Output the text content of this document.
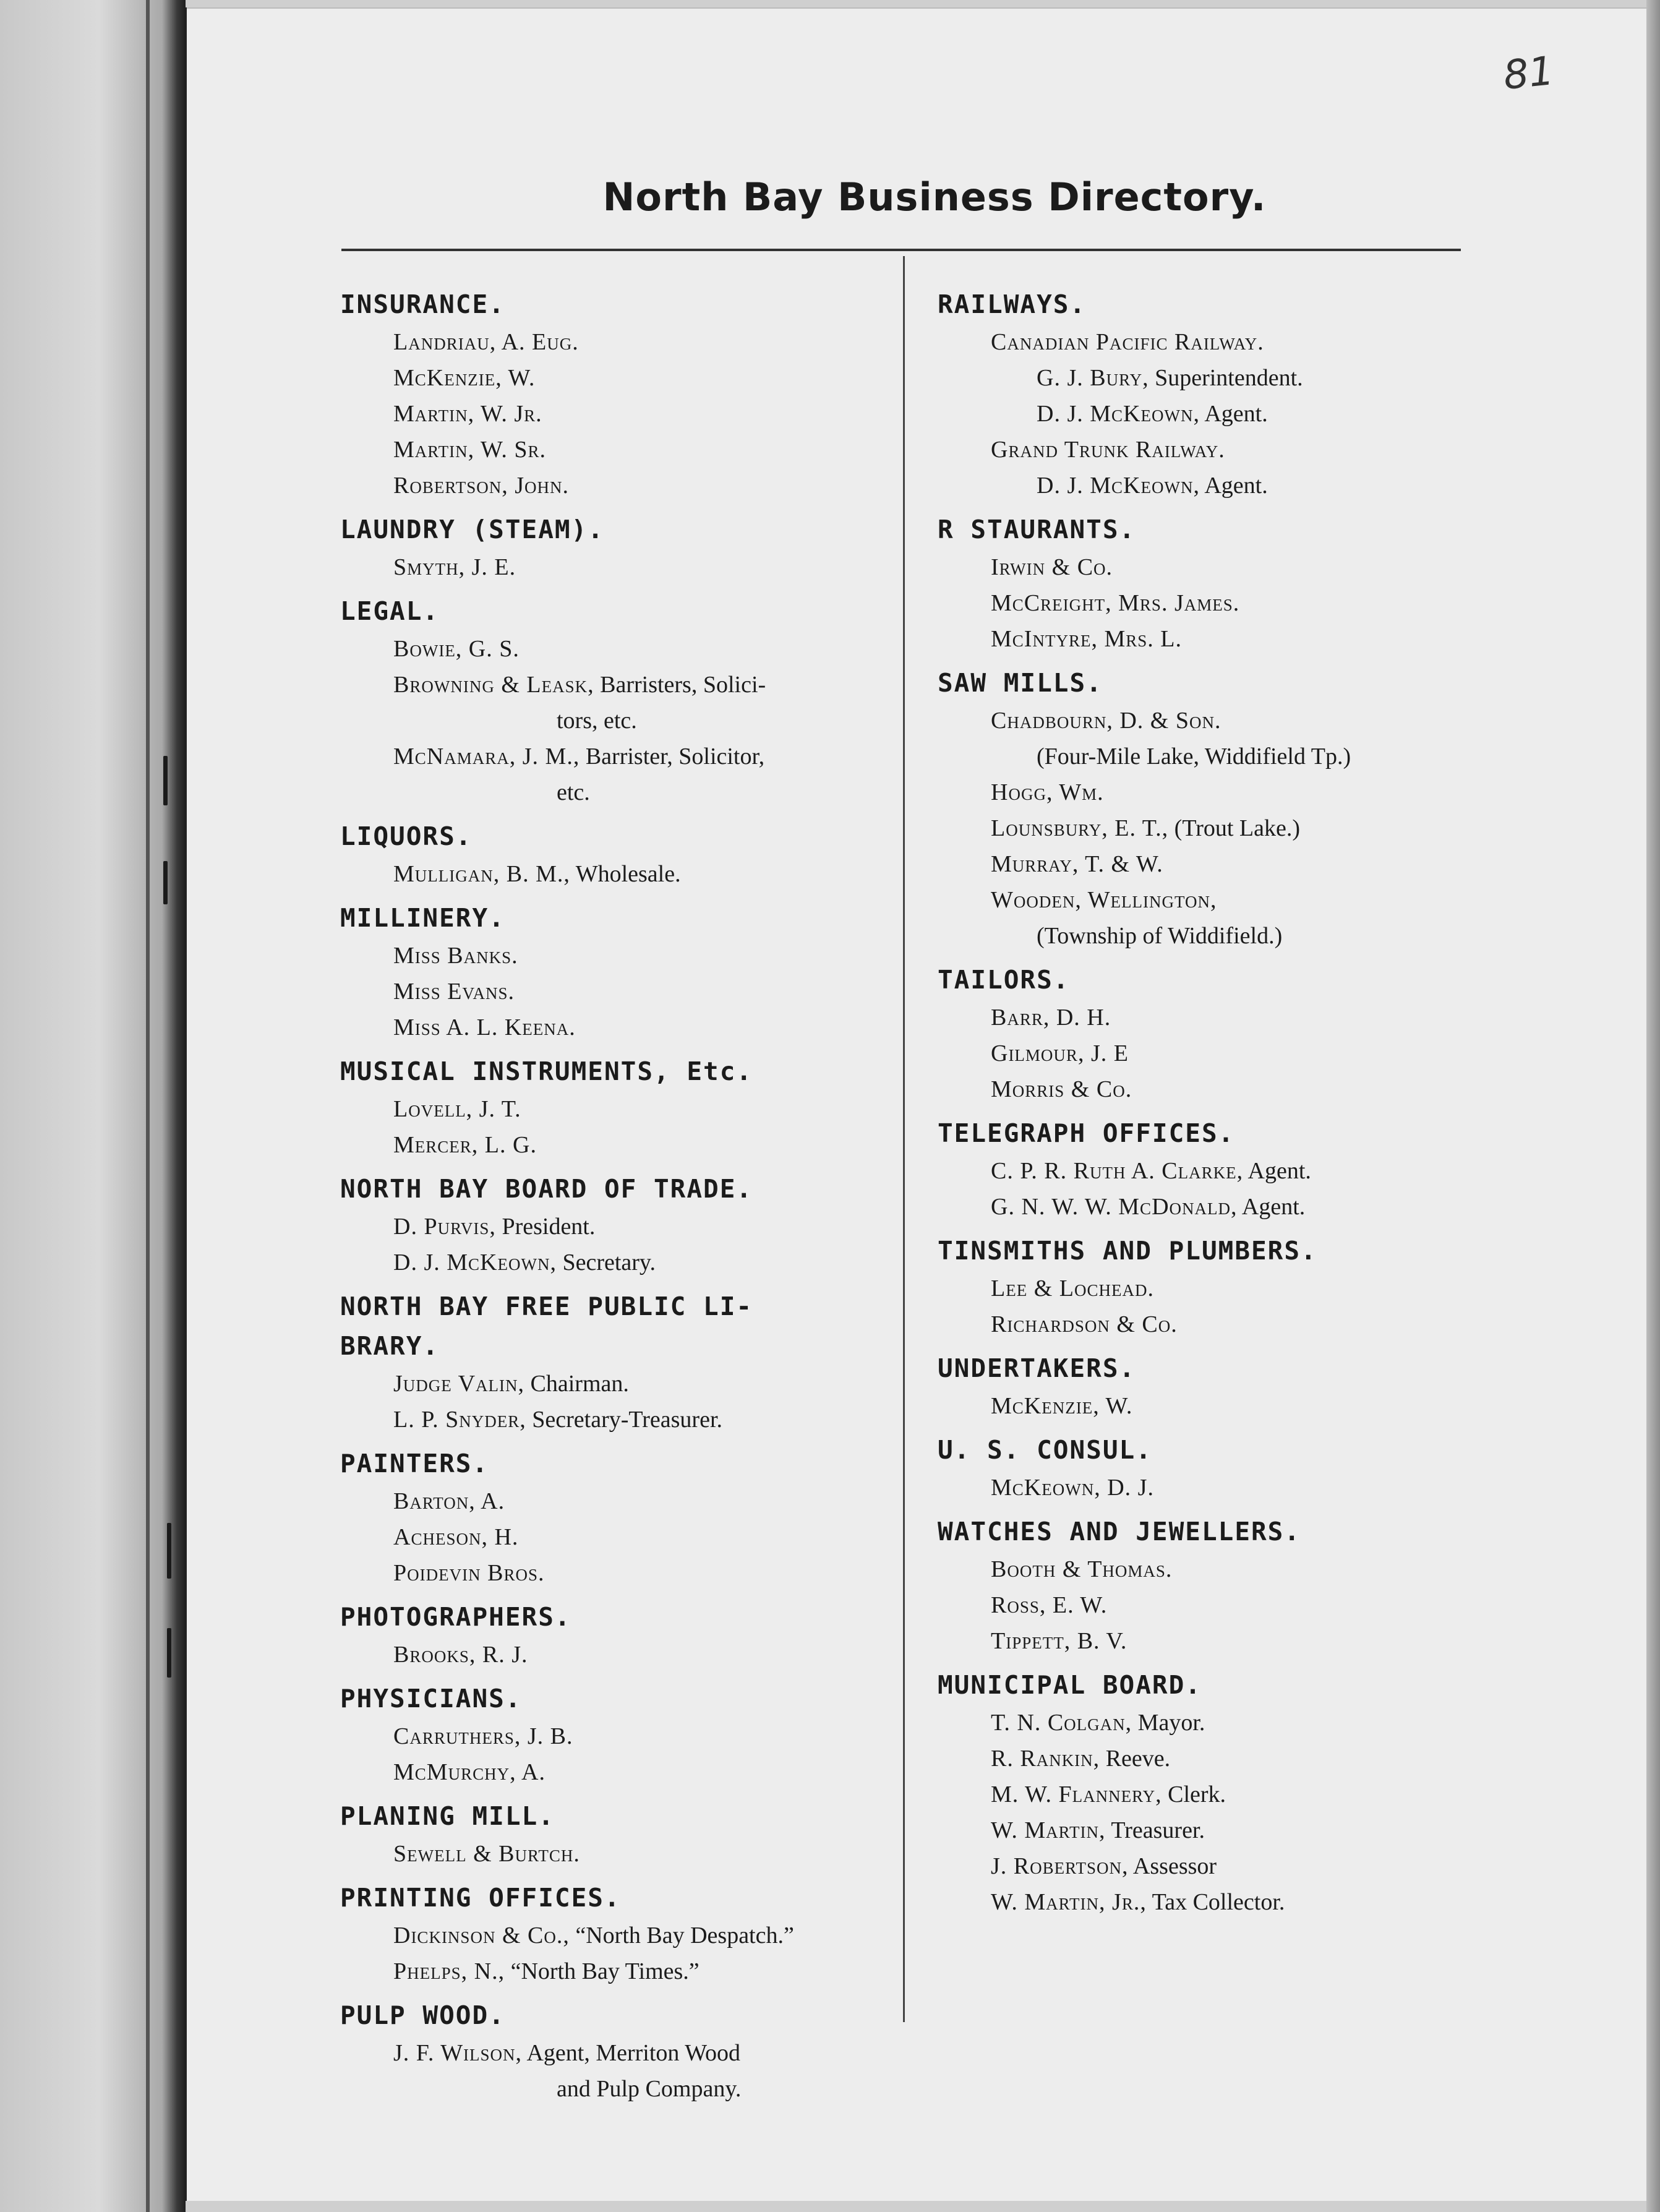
81
North Bay Business Directory.
INSURANCE.
Landriau, A. Eug.
McKenzie, W.
Martin, W. Jr.
Martin, W. Sr.
Robertson, John.
LAUNDRY (STEAM).
Smyth, J. E.
LEGAL.
Bowie, G. S.
Browning & Leask, Barristers, Solici-
tors, etc.
McNamara, J. M., Barrister, Solicitor,
etc.
LIQUORS.
Mulligan, B. M., Wholesale.
MILLINERY.
Miss Banks.
Miss Evans.
Miss A. L. Keena.
MUSICAL INSTRUMENTS, Etc.
Lovell, J. T.
Mercer, L. G.
NORTH BAY BOARD OF TRADE.
D. Purvis, President.
D. J. McKeown, Secretary.
NORTH BAY FREE PUBLIC LI-
BRARY.
Judge Valin, Chairman.
L. P. Snyder, Secretary-Treasurer.
PAINTERS.
Barton, A.
Acheson, H.
Poidevin Bros.
PHOTOGRAPHERS.
Brooks, R. J.
PHYSICIANS.
Carruthers, J. B.
McMurchy, A.
PLANING MILL.
Sewell & Burtch.
PRINTING OFFICES.
Dickinson & Co., “North Bay Despatch.”
Phelps, N., “North Bay Times.”
PULP WOOD.
J. F. Wilson, Agent, Merriton Wood
and Pulp Company.
RAILWAYS.
Canadian Pacific Railway.
G. J. Bury, Superintendent.
D. J. McKeown, Agent.
Grand Trunk Railway.
D. J. McKeown, Agent.
R STAURANTS.
Irwin & Co.
McCreight, Mrs. James.
McIntyre, Mrs. L.
SAW MILLS.
Chadbourn, D. & Son.
(Four-Mile Lake, Widdifield Tp.)
Hogg, Wm.
Lounsbury, E. T., (Trout Lake.)
Murray, T. & W.
Wooden, Wellington,
(Township of Widdifield.)
TAILORS.
Barr, D. H.
Gilmour, J. E
Morris & Co.
TELEGRAPH OFFICES.
C. P. R. Ruth A. Clarke, Agent.
G. N. W. W. McDonald, Agent.
TINSMITHS AND PLUMBERS.
Lee & Lochead.
Richardson & Co.
UNDERTAKERS.
McKenzie, W.
U. S. CONSUL.
McKeown, D. J.
WATCHES AND JEWELLERS.
Booth & Thomas.
Ross, E. W.
Tippett, B. V.
MUNICIPAL BOARD.
T. N. Colgan, Mayor.
R. Rankin, Reeve.
M. W. Flannery, Clerk.
W. Martin, Treasurer.
J. Robertson, Assessor
W. Martin, Jr., Tax Collector.
